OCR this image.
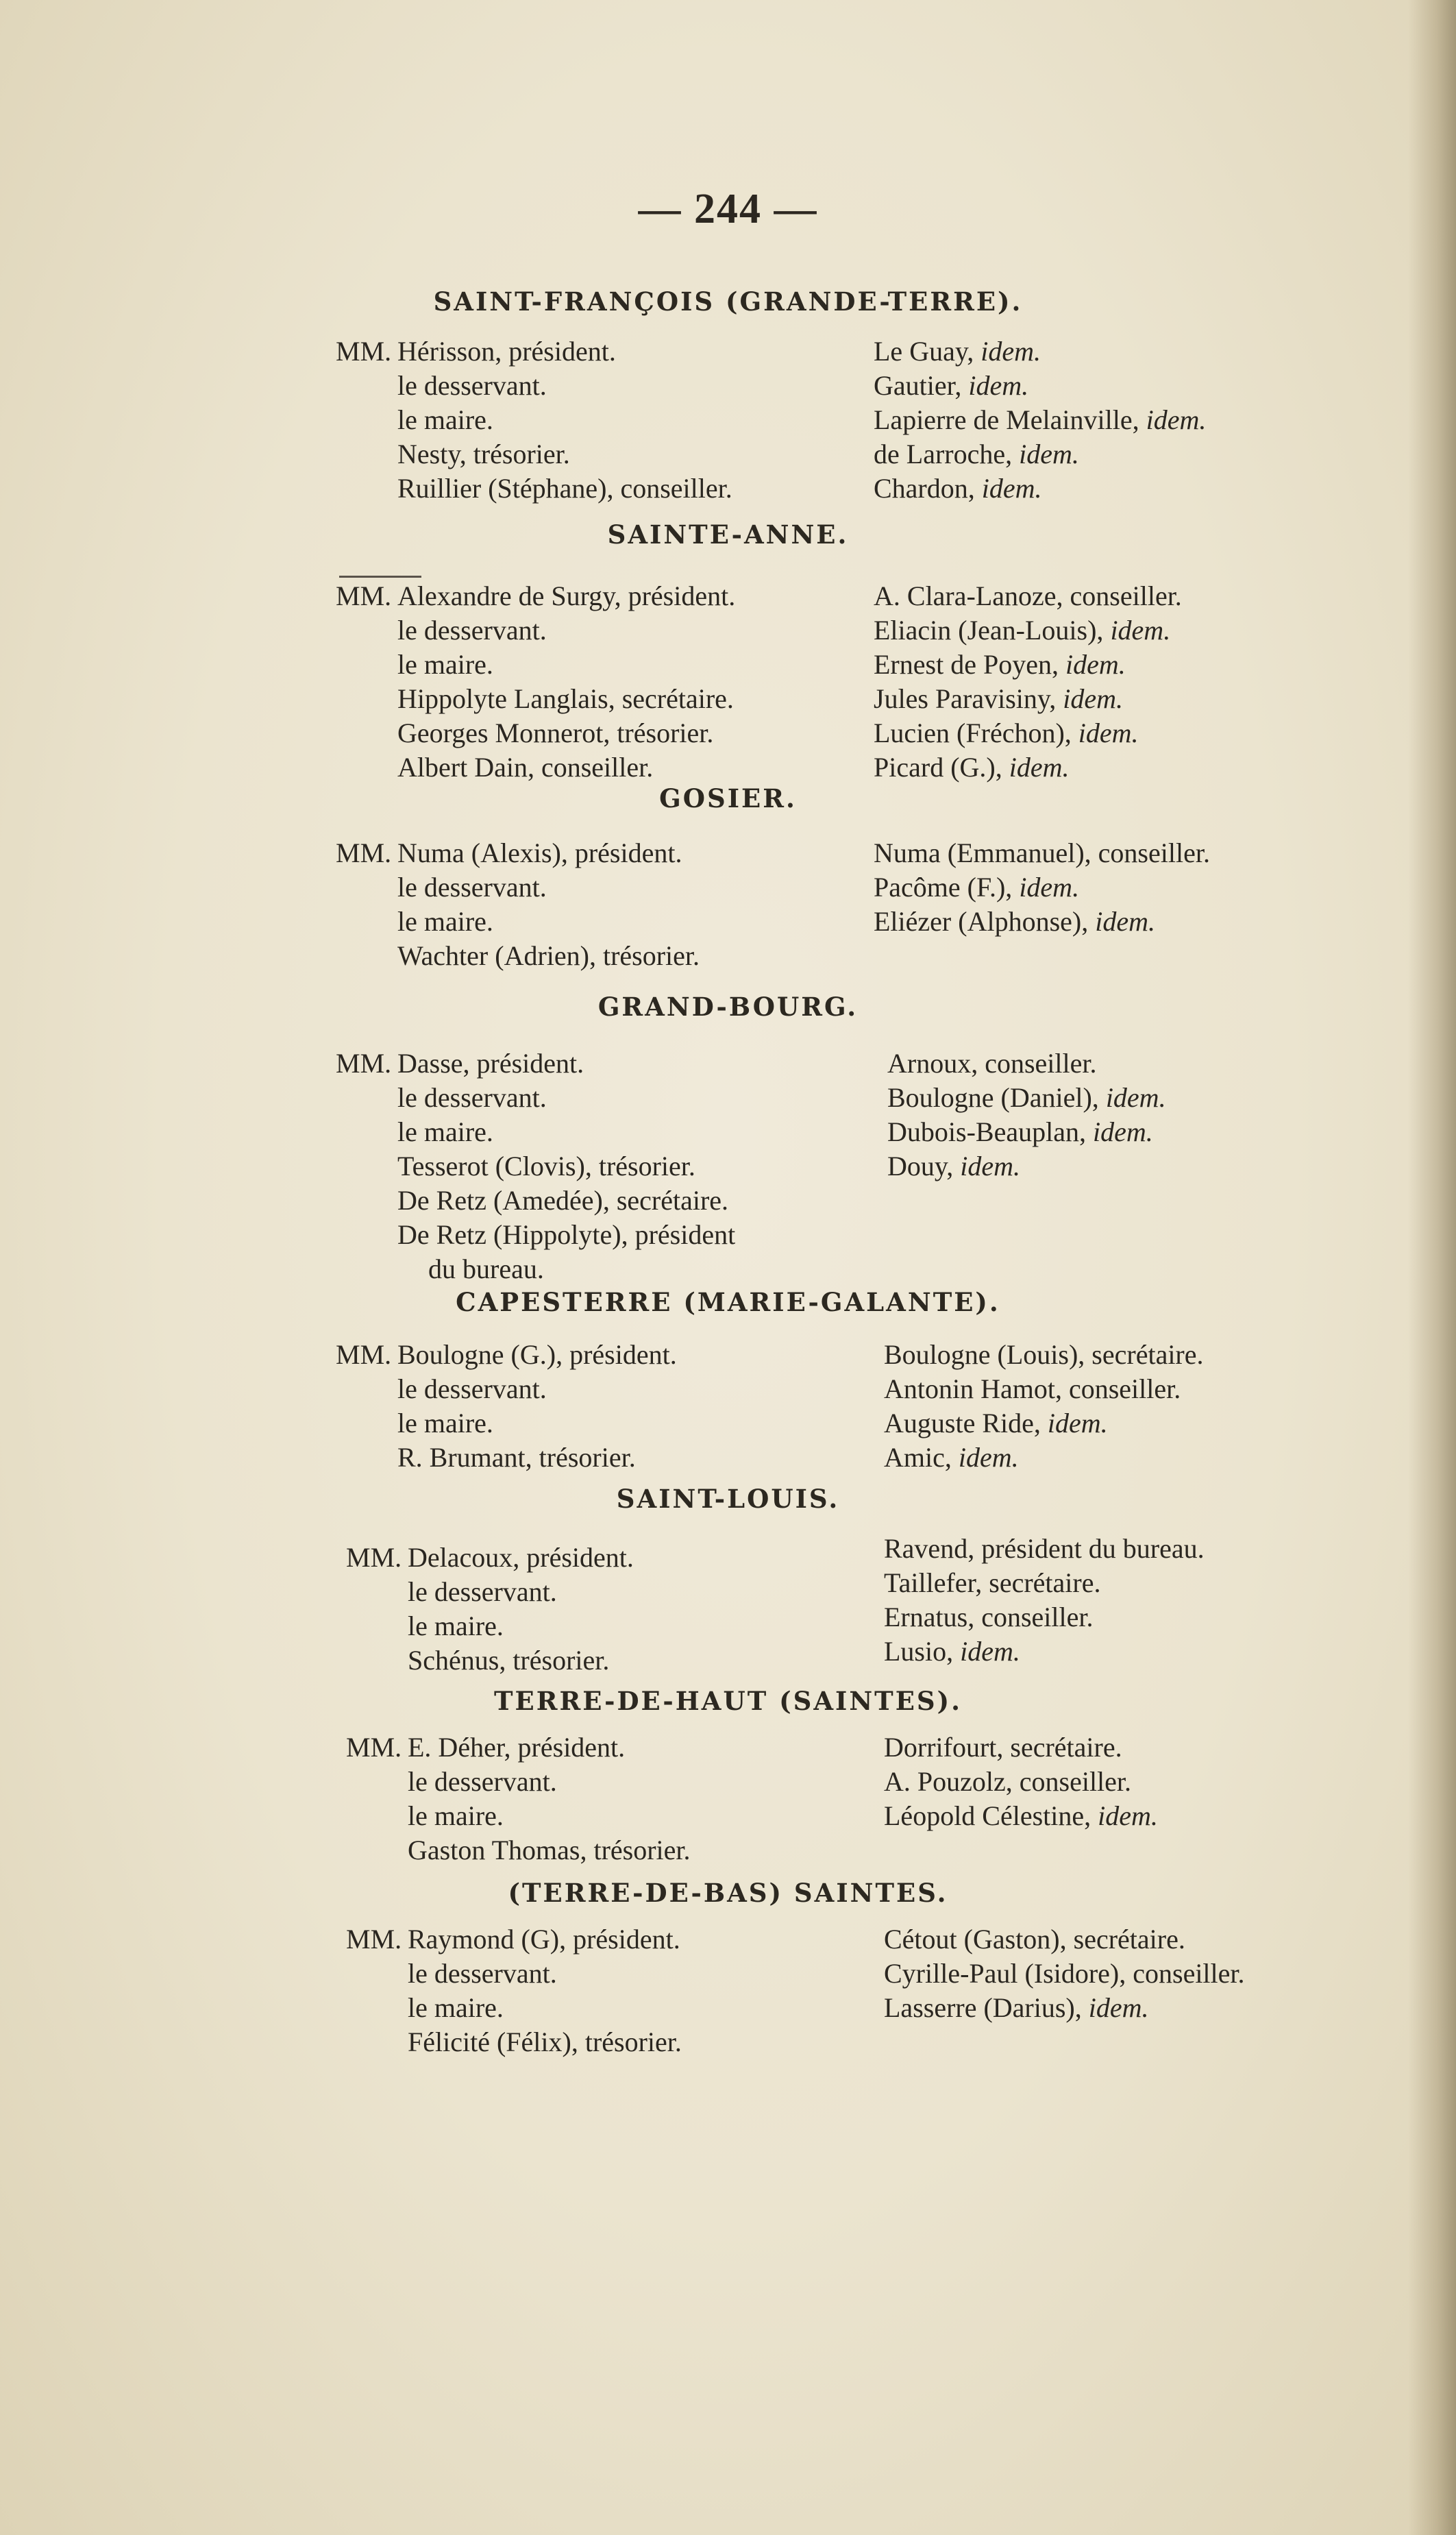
— 244 —
SAINT-FRANÇOIS (GRANDE-TERRE).
MM. Hérisson, président.
le desservant.
le maire.
Nesty, trésorier.
Ruillier (Stéphane), conseiller.
Le Guay, idem.
Gautier, idem.
Lapierre de Melainville, idem.
de Larroche, idem.
Chardon, idem.
SAINTE-ANNE.
MM. Alexandre de Surgy, président.
le desservant.
le maire.
Hippolyte Langlais, secrétaire.
Georges Monnerot, trésorier.
Albert Dain, conseiller.
A. Clara-Lanoze, conseiller.
Eliacin (Jean-Louis), idem.
Ernest de Poyen, idem.
Jules Paravisiny, idem.
Lucien (Fréchon), idem.
Picard (G.), idem.
GOSIER.
MM. Numa (Alexis), président.
le desservant.
le maire.
Wachter (Adrien), trésorier.
Numa (Emmanuel), conseiller.
Pacôme (F.), idem.
Eliézer (Alphonse), idem.
GRAND-BOURG.
MM. Dasse, président.
le desservant.
le maire.
Tesserot (Clovis), trésorier.
De Retz (Amedée), secrétaire.
De Retz (Hippolyte), président
du bureau.
Arnoux, conseiller.
Boulogne (Daniel), idem.
Dubois-Beauplan, idem.
Douy, idem.
CAPESTERRE (MARIE-GALANTE).
MM. Boulogne (G.), président.
le desservant.
le maire.
R. Brumant, trésorier.
Boulogne (Louis), secrétaire.
Antonin Hamot, conseiller.
Auguste Ride, idem.
Amic, idem.
SAINT-LOUIS.
MM. Delacoux, président.
le desservant.
le maire.
Schénus, trésorier.
Ravend, président du bureau.
Taillefer, secrétaire.
Ernatus, conseiller.
Lusio, idem.
TERRE-DE-HAUT (SAINTES).
MM. E. Déher, président.
le desservant.
le maire.
Gaston Thomas, trésorier.
Dorrifourt, secrétaire.
A. Pouzolz, conseiller.
Léopold Célestine, idem.
(TERRE-DE-BAS) SAINTES.
MM. Raymond (G), président.
le desservant.
le maire.
Félicité (Félix), trésorier.
Cétout (Gaston), secrétaire.
Cyrille-Paul (Isidore), conseiller.
Lasserre (Darius), idem.
